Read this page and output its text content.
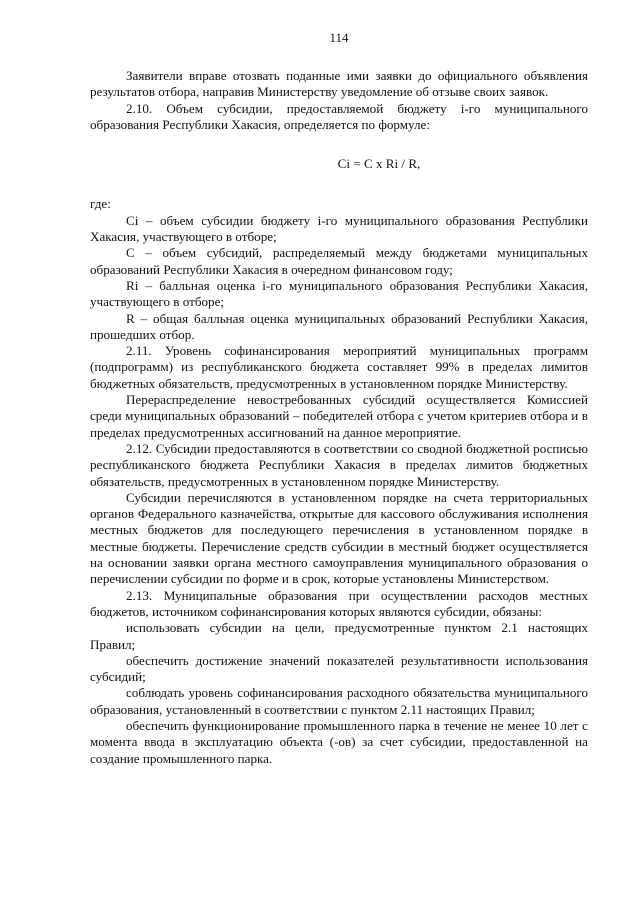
114

Заявители вправе отозвать поданные ими заявки до официального объявления результатов отбора, направив Министерству уведомление об отзыве своих заявок.

2.10. Объем субсидии, предоставляемой бюджету i-го муниципального образования Республики Хакасия, определяется по формуле:

Ci = C x Ri / R,

где:

Ci – объем субсидии бюджету i-го муниципального образования Республики Хакасия, участвующего в отборе;

C – объем субсидий, распределяемый между бюджетами муниципальных образований Республики Хакасия в очередном финансовом году;

Ri – балльная оценка i-го муниципального образования Республики Хакасия, участвующего в отборе;

R – общая балльная оценка муниципальных образований Республики Хакасия, прошедших отбор.

2.11. Уровень софинансирования мероприятий муниципальных программ (подпрограмм) из республиканского бюджета составляет 99% в пределах лимитов бюджетных обязательств, предусмотренных в установленном порядке Министерству.

Перераспределение невостребованных субсидий осуществляется Комиссией среди муниципальных образований – победителей отбора с учетом критериев отбора и в пределах предусмотренных ассигнований на данное мероприятие.

2.12. Субсидии предоставляются в соответствии со сводной бюджетной росписью республиканского бюджета Республики Хакасия в пределах лимитов бюджетных обязательств, предусмотренных в установленном порядке Министерству.

Субсидии перечисляются в установленном порядке на счета территориальных органов Федерального казначейства, открытые для кассового обслуживания исполнения местных бюджетов для последующего перечисления в установленном порядке в местные бюджеты. Перечисление средств субсидии в местный бюджет осуществляется на основании заявки органа местного самоуправления муниципального образования о перечислении субсидии по форме и в срок, которые установлены Министерством.

2.13. Муниципальные образования при осуществлении расходов местных бюджетов, источником софинансирования которых являются субсидии, обязаны:

использовать субсидии на цели, предусмотренные пунктом 2.1 настоящих Правил;

обеспечить достижение значений показателей результативности использования субсидий;

соблюдать уровень софинансирования расходного обязательства муниципального образования, установленный в соответствии с пунктом 2.11 настоящих Правил;

обеспечить функционирование промышленного парка в течение не менее 10 лет с момента ввода в эксплуатацию объекта (-ов) за счет субсидии, предоставленной на создание промышленного парка.
